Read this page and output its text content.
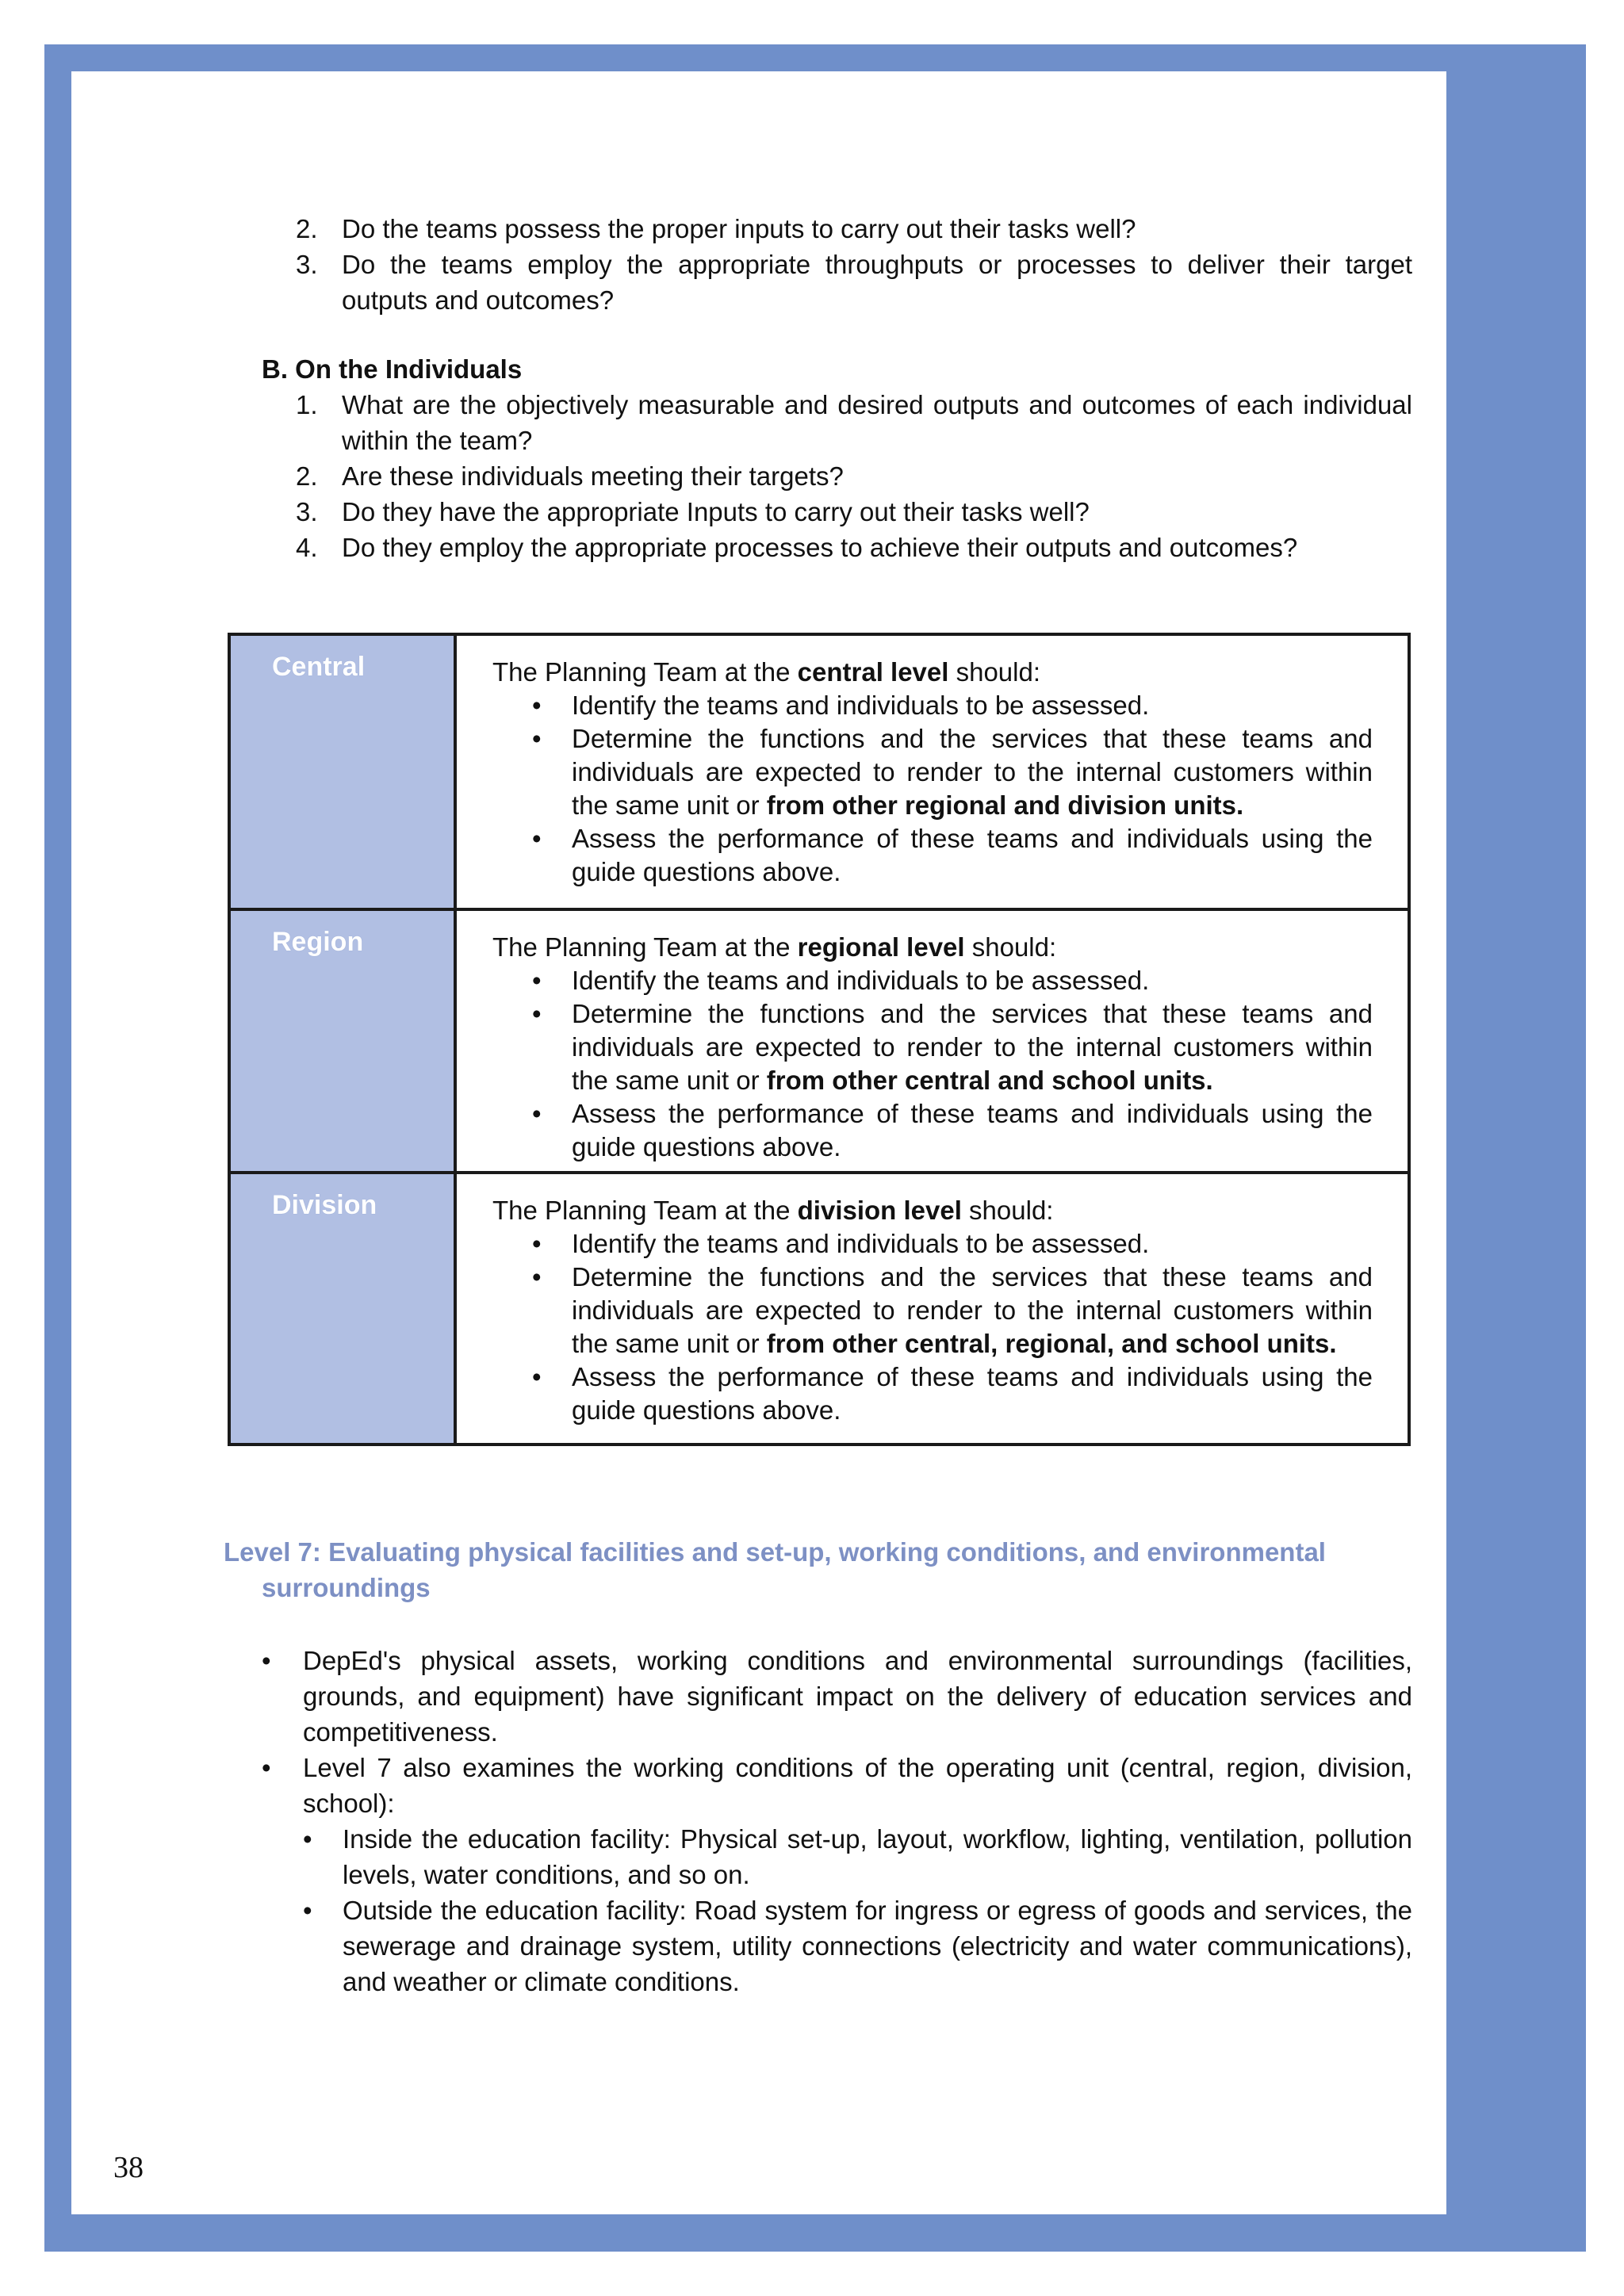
2. Do the teams possess the proper inputs to carry out their tasks well?
3. Do the teams employ the appropriate throughputs or processes to deliver their target outputs and outcomes?
B. On the Individuals
1. What are the objectively measurable and desired outputs and outcomes of each individual within the team?
2. Are these individuals meeting their targets?
3. Do they have the appropriate Inputs to carry out their tasks well?
4. Do they employ the appropriate processes to achieve their outputs and outcomes?
Central	The Planning Team at the central level should:
• Identify the teams and individuals to be assessed.
• Determine the functions and the services that these teams and individuals are expected to render to the internal customers within the same unit or from other regional and division units.
• Assess the performance of these teams and individuals using the guide questions above.
Region	The Planning Team at the regional level should:
• Identify the teams and individuals to be assessed.
• Determine the functions and the services that these teams and individuals are expected to render to the internal customers within the same unit or from other central and school units.
• Assess the performance of these teams and individuals using the guide questions above.
Division	The Planning Team at the division level should:
• Identify the teams and individuals to be assessed.
• Determine the functions and the services that these teams and individuals are expected to render to the internal customers within the same unit or from other central, regional, and school units.
• Assess the performance of these teams and individuals using the guide questions above.
Level 7: Evaluating physical facilities and set-up, working conditions, and environmental
surroundings
• DepEd's physical assets, working conditions and environmental surroundings (facilities, grounds, and equipment) have significant impact on the delivery of education services and competitiveness.
• Level 7 also examines the working conditions of the operating unit (central, region, division, school):
• Inside the education facility: Physical set-up, layout, workflow, lighting, ventilation, pollution levels, water conditions, and so on.
• Outside the education facility: Road system for ingress or egress of goods and services, the sewerage and drainage system, utility connections (electricity and water communications), and weather or climate conditions.
38
